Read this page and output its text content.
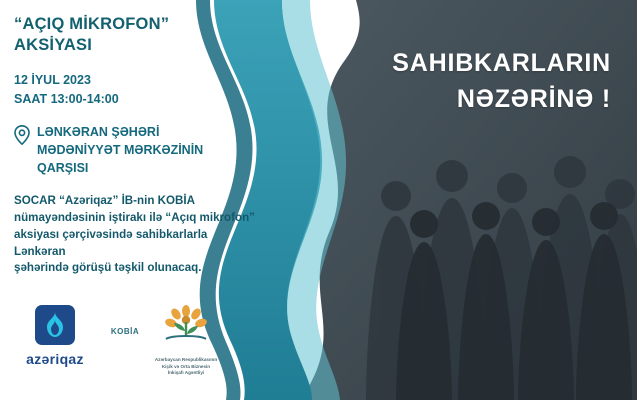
SAHIBKARLARIN
NƏZƏRİNƏ !
“AÇIQ MİKROFON”
AKSİYASI
12 İYUL 2023
SAAT 13:00-14:00
LƏNKƏRAN ŞƏHƏRİ
MƏDƏNİYYƏT MƏRKƏZİNİN
QARŞISI
SOCAR “Azəriqaz” İB-nin KOBİA
nümayəndəsinin iştirakı ilə “Açıq mikrofon”
aksiyası çərçivəsində sahibkarlarla Lənkəran
şəhərində görüşü təşkil olunacaq.
azəriqaz
KOBİA
Azərbaycan Respublikasının
Kiçik və Orta Biznesin
İnkişafı Agəntliyi
